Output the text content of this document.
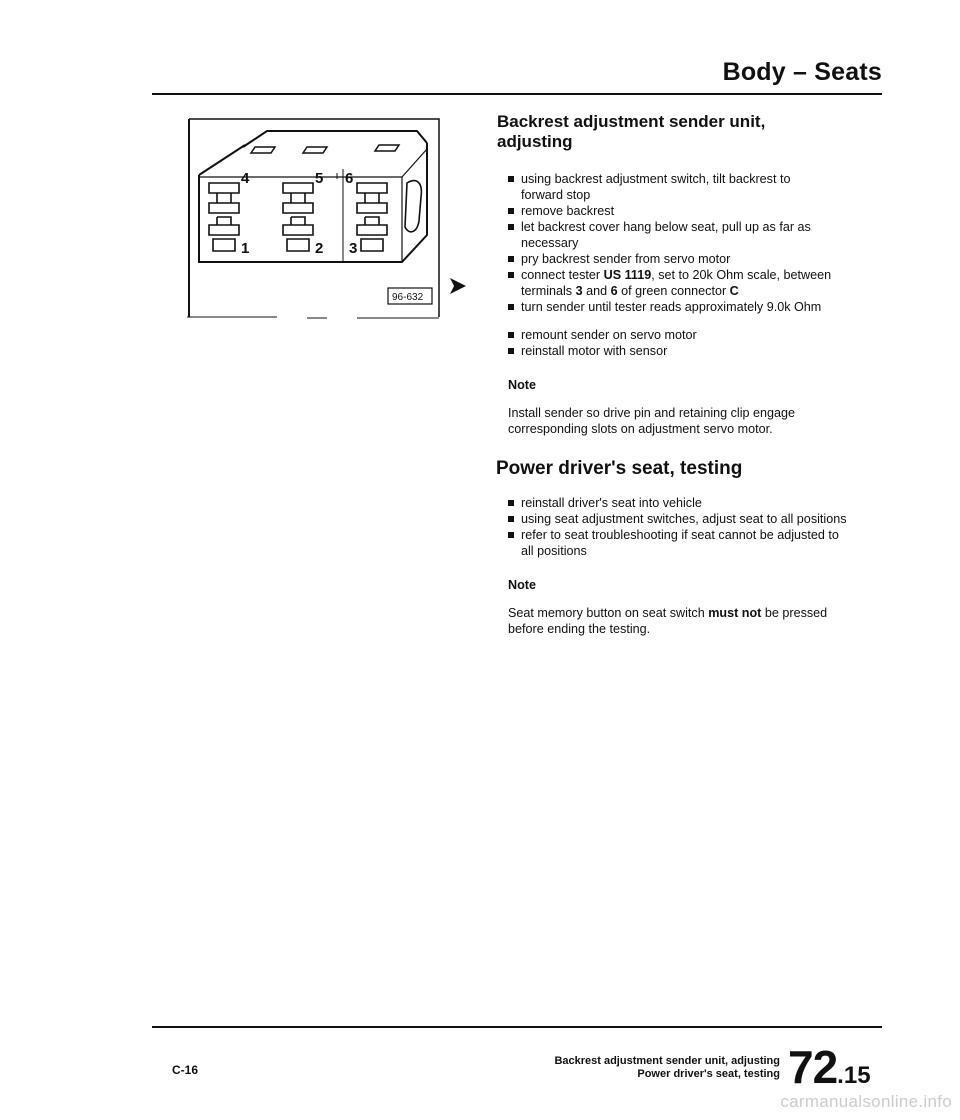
Body – Seats
4	5 6
1	2 3
96-632
Backrest adjustment sender unit, adjusting
using backrest adjustment switch, tilt backrest to forward stop
remove backrest
let backrest cover hang below seat, pull up as far as necessary
pry backrest sender from servo motor
connect tester US 1119, set to 20k Ohm scale, between terminals 3 and 6 of green connector C
turn sender until tester reads approximately 9.0k Ohm
remount sender on servo motor
reinstall motor with sensor

Note

Install sender so drive pin and retaining clip engage corresponding slots on adjustment servo motor.

Power driver's seat, testing
reinstall driver's seat into vehicle
using seat adjustment switches, adjust seat to all positions
refer to seat troubleshooting if seat cannot be adjusted to all positions

Note

Seat memory button on seat switch must not be pressed before ending the testing.

C-16
Backrest adjustment sender unit, adjusting
Power driver's seat, testing 72.15
carmanualsonline.info
